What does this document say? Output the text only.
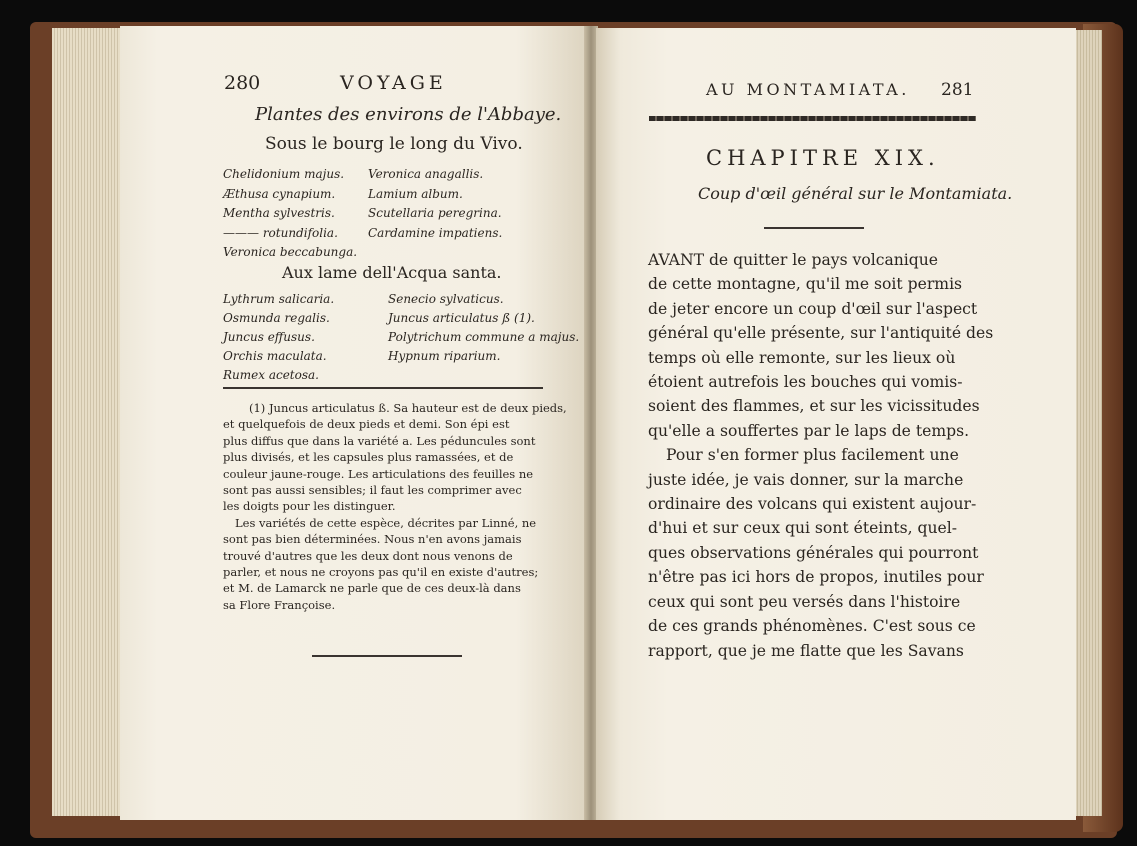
280	VOYAGE
Plantes des environs de l'Abbaye.
Sous le bourg le long du Vivo.
Chelidonium majus.
Æthusa cynapium.
Mentha sylvestris.
——— rotundifolia.
Veronica beccabunga.
Veronica anagallis.
Lamium album.
Scutellaria peregrina.
Cardamine impatiens.
Aux lame dell'Acqua santa.
Lythrum salicaria.
Osmunda regalis.
Juncus effusus.
Orchis maculata.
Rumex acetosa.
Senecio sylvaticus.
Juncus articulatus ß (1).
Polytrichum commune a majus.
Hypnum riparium.
(1) Juncus articulatus ß. Sa hauteur est de deux pieds,
et quelquefois de deux pieds et demi. Son épi est
plus diffus que dans la variété a. Les péduncules sont
plus divisés, et les capsules plus ramassées, et de
couleur jaune-rouge. Les articulations des feuilles ne
sont pas aussi sensibles; il faut les comprimer avec
les doigts pour les distinguer.
Les variétés de cette espèce, décrites par Linné, ne
sont pas bien déterminées. Nous n'en avons jamais
trouvé d'autres que les deux dont nous venons de
parler, et nous ne croyons pas qu'il en existe d'autres;
et M. de Lamarck ne parle que de ces deux-là dans
sa Flore Françoise.
AU MONTAMIATA. 281
CHAPITRE XIX.
Coup d'œil général sur le Montamiata.
AVANT de quitter le pays volcanique
de cette montagne, qu'il me soit permis
de jeter encore un coup d'œil sur l'aspect
général qu'elle présente, sur l'antiquité des
temps où elle remonte, sur les lieux où
étoient autrefois les bouches qui vomis-
soient des flammes, et sur les vicissitudes
qu'elle a souffertes par le laps de temps.
Pour s'en former plus facilement une
juste idée, je vais donner, sur la marche
ordinaire des volcans qui existent aujour-
d'hui et sur ceux qui sont éteints, quel-
ques observations générales qui pourront
n'être pas ici hors de propos, inutiles pour
ceux qui sont peu versés dans l'histoire
de ces grands phénomènes. C'est sous ce
rapport, que je me flatte que les Savans
